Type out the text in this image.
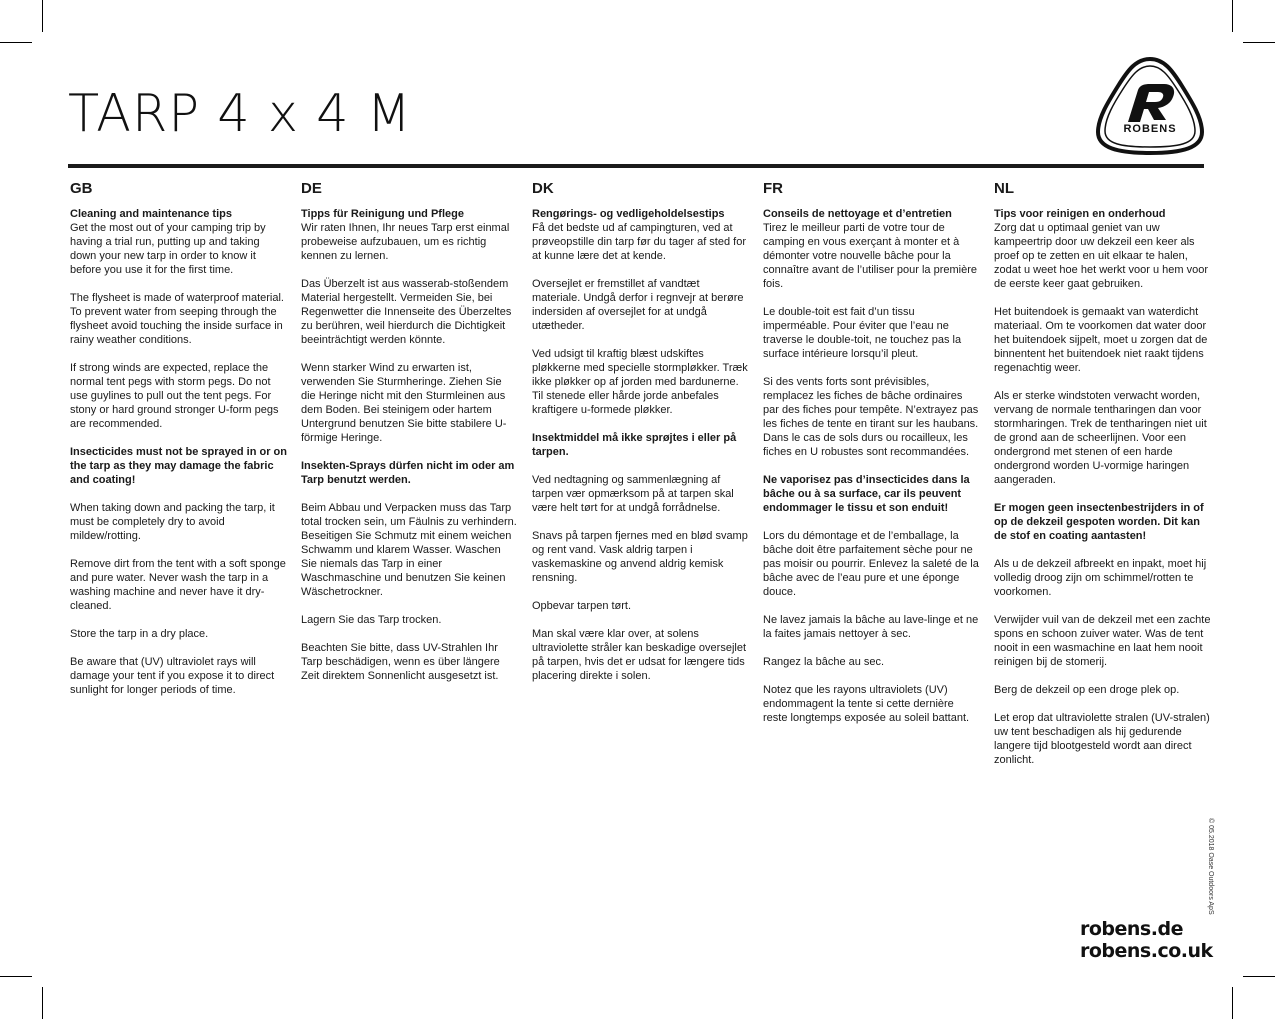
TARP 4 x 4 M	ROBENS
GB

Cleaning and maintenance tips

Get the most out of your camping trip by having a trial run, putting up and taking down your new tarp in order to know it before you use it for the first time.

The flysheet is made of waterproof material. To prevent water from seeping through the flysheet avoid touching the inside surface in rainy weather conditions.

If strong winds are expected, replace the normal tent pegs with storm pegs. Do not use guylines to pull out the tent pegs. For stony or hard ground stronger U-form pegs are recommended.

Insecticides must not be sprayed in or on the tarp as they may damage the fabric and coating!

When taking down and packing the tarp, it must be completely dry to avoid mildew/rotting.

Remove dirt from the tent with a soft sponge and pure water. Never wash the tarp in a washing machine and never have it dry-cleaned.

Store the tarp in a dry place.

Be aware that (UV) ultraviolet rays will damage your tent if you expose it to direct sunlight for longer periods of time.

DE

Tipps für Reinigung und Pflege

Wir raten Ihnen, Ihr neues Tarp erst einmal probeweise aufzubauen, um es richtig kennen zu lernen.

Das Überzelt ist aus wasserab-stoßendem Material hergestellt. Vermeiden Sie, bei Regenwetter die Innenseite des Überzeltes zu berühren, weil hierdurch die Dichtigkeit beeinträchtigt werden könnte.

Wenn starker Wind zu erwarten ist, verwenden Sie Sturmheringe. Ziehen Sie die Heringe nicht mit den Sturmleinen aus dem Boden. Bei steinigem oder hartem Untergrund benutzen Sie bitte stabilere U-förmige Heringe.

Insekten-Sprays dürfen nicht im oder am Tarp benutzt werden.

Beim Abbau und Verpacken muss das Tarp total trocken sein, um Fäulnis zu verhindern. Beseitigen Sie Schmutz mit einem weichen Schwamm und klarem Wasser. Waschen Sie niemals das Tarp in einer Waschmaschine und benutzen Sie keinen Wäschetrockner.

Lagern Sie das Tarp trocken.

Beachten Sie bitte, dass UV-Strahlen Ihr Tarp beschädigen, wenn es über längere Zeit direktem Sonnenlicht ausgesetzt ist.

DK

Rengørings- og vedligeholdelsestips

Få det bedste ud af campingturen, ved at prøveopstille din tarp før du tager af sted for at kunne lære det at kende.

Oversejlet er fremstillet af vandtæt materiale. Undgå derfor i regnvejr at berøre indersiden af oversejlet for at undgå utætheder.

Ved udsigt til kraftig blæst udskiftes pløkkerne med specielle stormpløkker. Træk ikke pløkker op af jorden med bardunerne. Til stenede eller hårde jorde anbefales kraftigere u-formede pløkker.

Insektmiddel må ikke sprøjtes i eller på tarpen.

Ved nedtagning og sammenlægning af tarpen vær opmærksom på at tarpen skal være helt tørt for at undgå forrådnelse.

Snavs på tarpen fjernes med en blød svamp og rent vand. Vask aldrig tarpen i vaskemaskine og anvend aldrig kemisk rensning.

Opbevar tarpen tørt.

Man skal være klar over, at solens ultraviolette stråler kan beskadige oversejlet på tarpen, hvis det er udsat for længere tids placering direkte i solen.

FR

Conseils de nettoyage et d’entretien

Tirez le meilleur parti de votre tour de camping en vous exerçant à monter et à démonter votre nouvelle bâche pour la connaître avant de l’utiliser pour la première fois.

Le double-toit est fait d’un tissu imperméable. Pour éviter que l’eau ne traverse le double-toit, ne touchez pas la surface intérieure lorsqu’il pleut.

Si des vents forts sont prévisibles, remplacez les fiches de bâche ordinaires par des fiches pour tempête. N’extrayez pas les fiches de tente en tirant sur les haubans. Dans le cas de sols durs ou rocailleux, les fiches en U robustes sont recommandées.

Ne vaporisez pas d’insecticides dans la bâche ou à sa surface, car ils peuvent endommager le tissu et son enduit!

Lors du démontage et de l’emballage, la bâche doit être parfaitement sèche pour ne pas moisir ou pourrir. Enlevez la saleté de la bâche avec de l’eau pure et une éponge douce.

Ne lavez jamais la bâche au lave-linge et ne la faites jamais nettoyer à sec.

Rangez la bâche au sec.

Notez que les rayons ultraviolets (UV) endommagent la tente si cette dernière reste longtemps exposée au soleil battant.

NL

Tips voor reinigen en onderhoud

Zorg dat u optimaal geniet van uw kampeertrip door uw dekzeil een keer als proef op te zetten en uit elkaar te halen, zodat u weet hoe het werkt voor u hem voor de eerste keer gaat gebruiken.

Het buitendoek is gemaakt van waterdicht materiaal. Om te voorkomen dat water door het buitendoek sijpelt, moet u zorgen dat de binnentent het buitendoek niet raakt tijdens regenachtig weer.

Als er sterke windstoten verwacht worden, vervang de normale tentharingen dan voor stormharingen. Trek de tentharingen niet uit de grond aan de scheerlijnen. Voor een ondergrond met stenen of een harde ondergrond worden U-vormige haringen aangeraden.

Er mogen geen insectenbestrijders in of op de dekzeil gespoten worden. Dit kan de stof en coating aantasten!

Als u de dekzeil afbreekt en inpakt, moet hij volledig droog zijn om schimmel/rotten te voorkomen.

Verwijder vuil van de dekzeil met een zachte spons en schoon zuiver water. Was de tent nooit in een wasmachine en laat hem nooit reinigen bij de stomerij.

Berg de dekzeil op een droge plek op.

Let erop dat ultraviolette stralen (UV-stralen) uw tent beschadigen als hij gedurende langere tijd blootgesteld wordt aan direct zonlicht.

© 05.2018 Oase Outdoors ApS
robens.de
robens.co.uk
